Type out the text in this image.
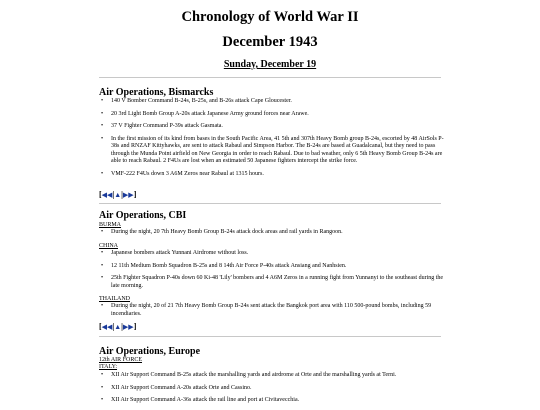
Chronology of World War II
December 1943
Sunday, December 19
Air Operations, Bismarcks
• 140 V Bomber Command B-24s, B-25s, and B-26s attack Cape Gloucester.
• 20 3rd Light Bomb Group A-20s attack Japanese Army ground forces near Arawe.
• 37 V Fighter Command P-39s attack Gasmata.
• In the first mission of its kind from bases in the South Pacific Area, 41 5th and 307th Heavy Bomb group B-24s, escorted by 48 AirSols P-38s and RNZAF Kittyhawks, are sent to attack Rabaul and Simpson Harbor. The B-24s are based at Guadalcanal, but they need to pass through the Munda Point airfield on New Georgia in order to reach Rabaul. Due to bad weather, only 6 5th Heavy Bomb Group B-24s are able to reach Rabaul. 2 F4Us are lost when an estimated 50 Japanese fighters intercept the strike force.
• VMF-222 F4Us down 3 A6M Zeros near Rabaul at 1315 hours.
[◀◀|▲|▶▶]
Air Operations, CBI
BURMA
• During the night, 20 7th Heavy Bomb Group B-24s attack dock areas and rail yards in Rangoon.
CHINA
• Japanese bombers attack Yunnani Airdrome without loss.
• 12 11th Medium Bomb Squadron B-25s and 8 14th Air Force P-40s attack Ansiang and Nanhsien.
• 25th Fighter Squadron P-40s down 60 Ki-48 'Lily' bombers and 4 A6M Zeros in a running fight from Yunnanyi to the southeast during the late morning.
THAILAND
• During the night, 20 of 21 7th Heavy Bomb Group B-24s sent attack the Bangkok port area with 110 500-pound bombs, including 59 incendiaries.
[◀◀|▲|▶▶]
Air Operations, Europe
12th AIR FORCE
ITALY:
• XII Air Support Command B-25s attack the marshalling yards and airdrome at Orte and the marshalling yards at Terni.
• XII Air Support Command A-20s attack Orte and Cassino.
• XII Air Support Command A-36s attack the rail line and port at Civitavecchia.
